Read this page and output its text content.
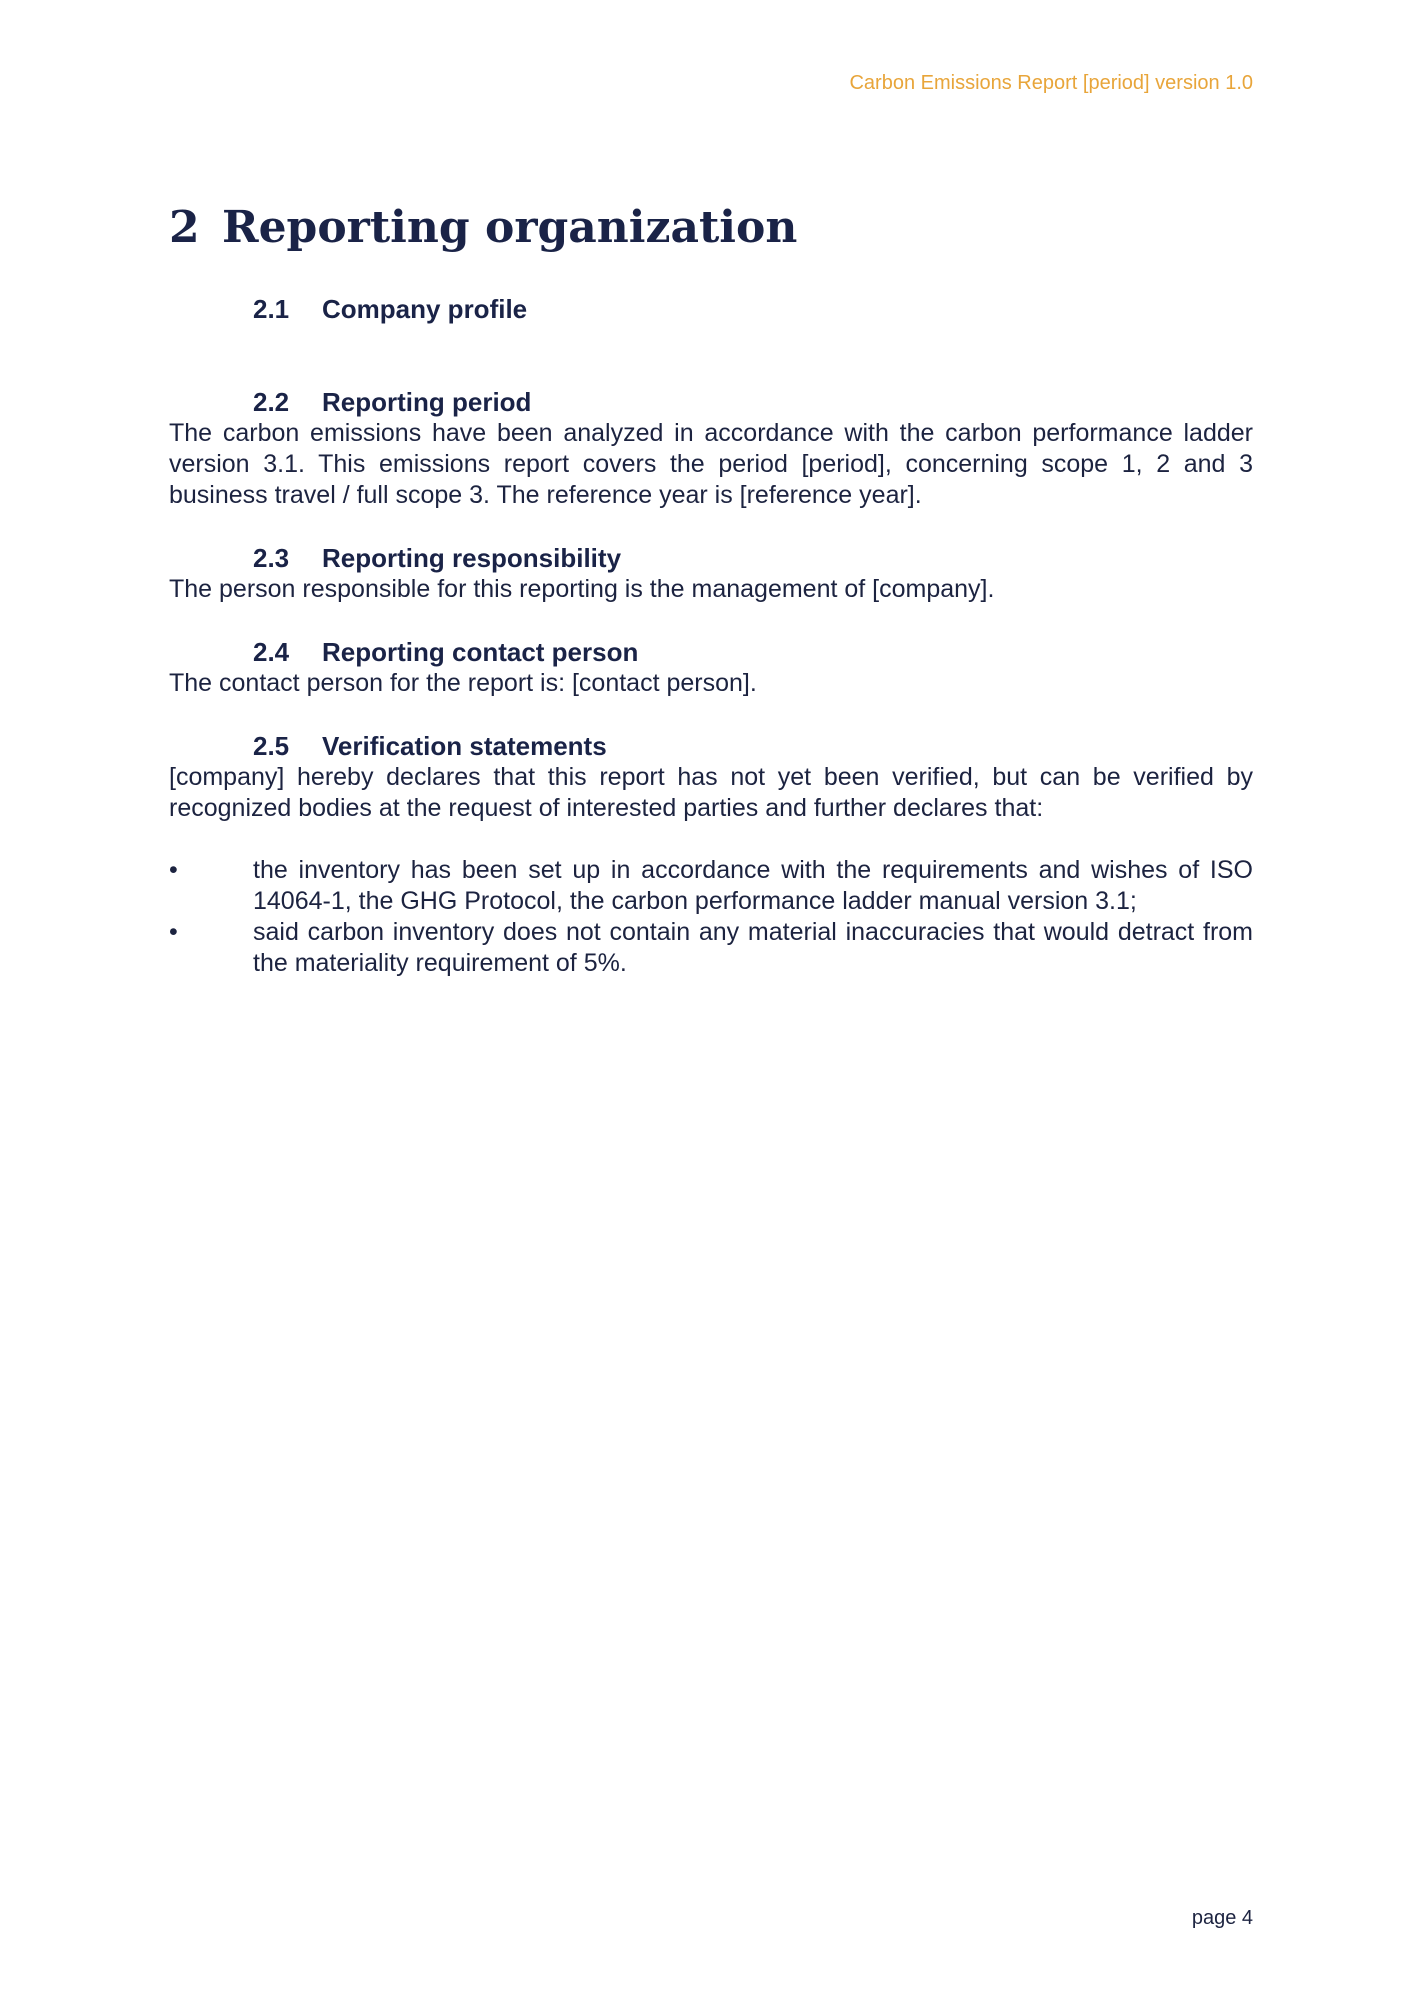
Carbon Emissions Report [period] version 1.0
2 Reporting organization
2.1 Company profile
2.2 Reporting period
The carbon emissions have been analyzed in accordance with the carbon performance ladder version 3.1. This emissions report covers the period [period], concerning scope 1, 2 and 3 business travel / full scope 3. The reference year is [reference year].
2.3 Reporting responsibility
The person responsible for this reporting is the management of [company].
2.4 Reporting contact person
The contact person for the report is: [contact person].
2.5 Verification statements
[company] hereby declares that this report has not yet been verified, but can be verified by recognized bodies at the request of interested parties and further declares that:
•	the inventory has been set up in accordance with the requirements and wishes of ISO 14064-1, the GHG Protocol, the carbon performance ladder manual version 3.1;
•	said carbon inventory does not contain any material inaccuracies that would detract from the materiality requirement of 5%.
page 4
